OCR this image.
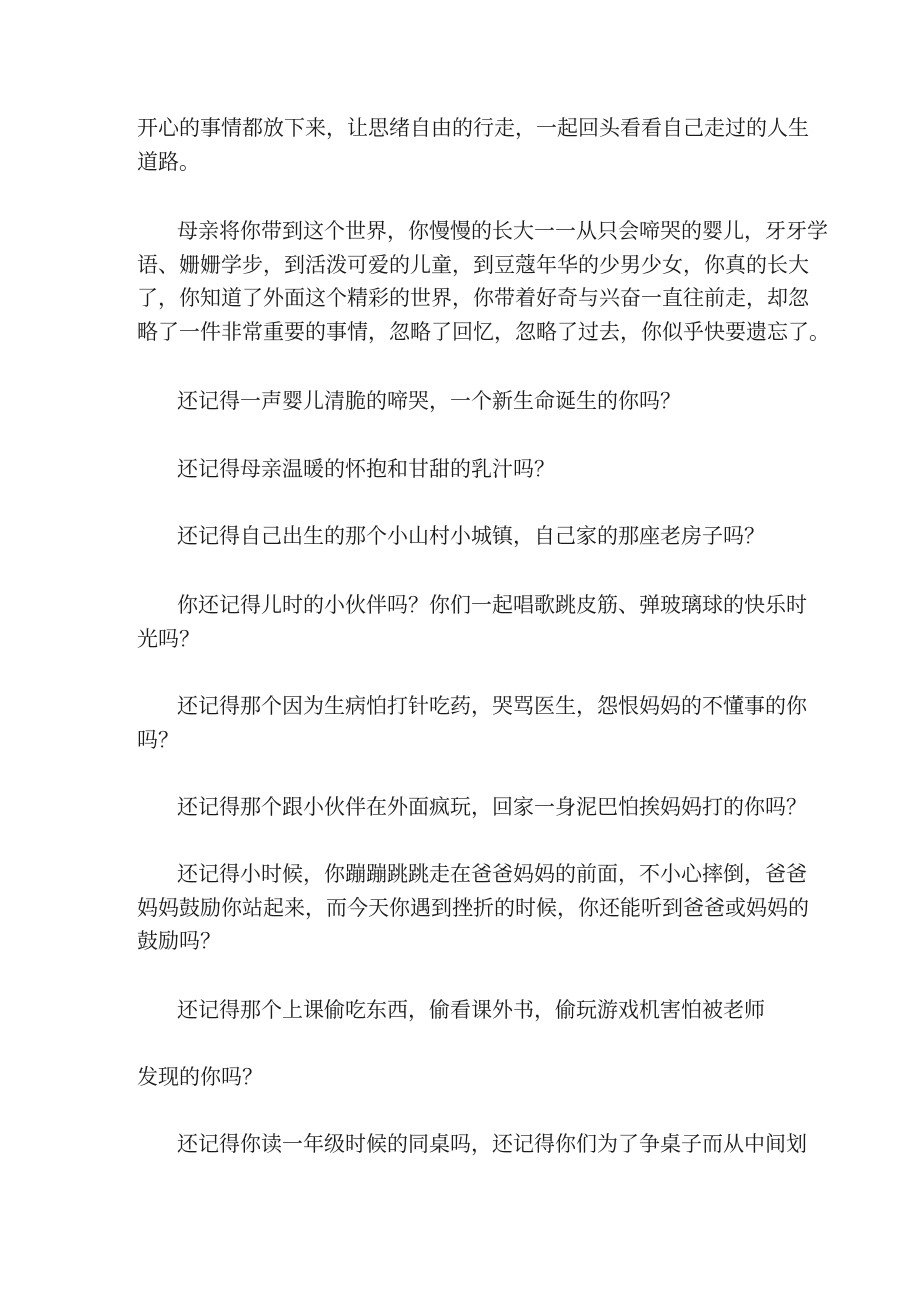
开心的事情都放下来，让思绪自由的行走，一起回头看看自己走过的人生
道路。

母亲将你带到这个世界，你慢慢的长大一一从只会啼哭的婴儿，牙牙学
语、姗姗学步，到活泼可爱的儿童，到豆蔻年华的少男少女，你真的长大
了，你知道了外面这个精彩的世界，你带着好奇与兴奋一直往前走，却忽
略了一件非常重要的事情，忽略了回忆，忽略了过去，你似乎快要遗忘了。

还记得一声婴儿清脆的啼哭，一个新生命诞生的你吗？

还记得母亲温暖的怀抱和甘甜的乳汁吗？

还记得自己出生的那个小山村小城镇，自己家的那座老房子吗？

你还记得儿时的小伙伴吗？你们一起唱歌跳皮筋、弹玻璃球的快乐时
光吗？

还记得那个因为生病怕打针吃药，哭骂医生，怨恨妈妈的不懂事的你
吗？

还记得那个跟小伙伴在外面疯玩，回家一身泥巴怕挨妈妈打的你吗？

还记得小时候，你蹦蹦跳跳走在爸爸妈妈的前面，不小心摔倒，爸爸
妈妈鼓励你站起来，而今天你遇到挫折的时候，你还能听到爸爸或妈妈的
鼓励吗？

还记得那个上课偷吃东西，偷看课外书，偷玩游戏机害怕被老师

发现的你吗？

还记得你读一年级时候的同桌吗，还记得你们为了争桌子而从中间划
